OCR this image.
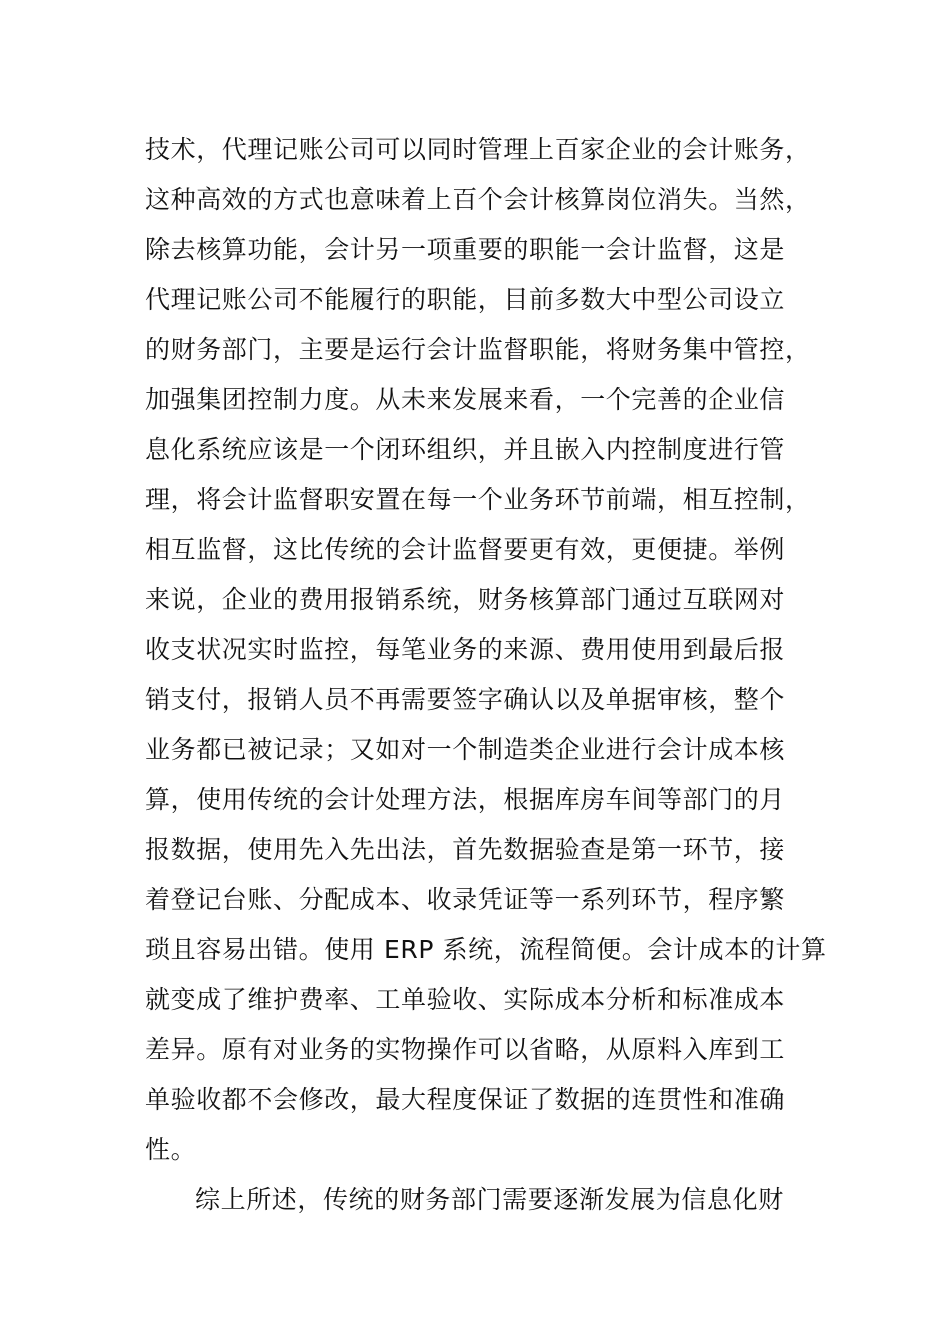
技术，代理记账公司可以同时管理上百家企业的会计账务，
这种高效的方式也意味着上百个会计核算岗位消失。当然，
除去核算功能，会计另一项重要的职能一会计监督，这是
代理记账公司不能履行的职能，目前多数大中型公司设立
的财务部门，主要是运行会计监督职能，将财务集中管控，
加强集团控制力度。从未来发展来看，一个完善的企业信
息化系统应该是一个闭环组织，并且嵌入内控制度进行管
理，将会计监督职安置在每一个业务环节前端，相互控制，
相互监督，这比传统的会计监督要更有效，更便捷。举例
来说，企业的费用报销系统，财务核算部门通过互联网对
收支状况实时监控，每笔业务的来源、费用使用到最后报
销支付，报销人员不再需要签字确认以及单据审核，整个
业务都已被记录；又如对一个制造类企业进行会计成本核
算，使用传统的会计处理方法，根据库房车间等部门的月
报数据，使用先入先出法，首先数据验查是第一环节，接
着登记台账、分配成本、收录凭证等一系列环节，程序繁
琐且容易出错。使用 ERP 系统，流程简便。会计成本的计算
就变成了维护费率、工单验收、实际成本分析和标准成本
差异。原有对业务的实物操作可以省略，从原料入库到工
单验收都不会修改，最大程度保证了数据的连贯性和准确
性。
综上所述，传统的财务部门需要逐渐发展为信息化财
